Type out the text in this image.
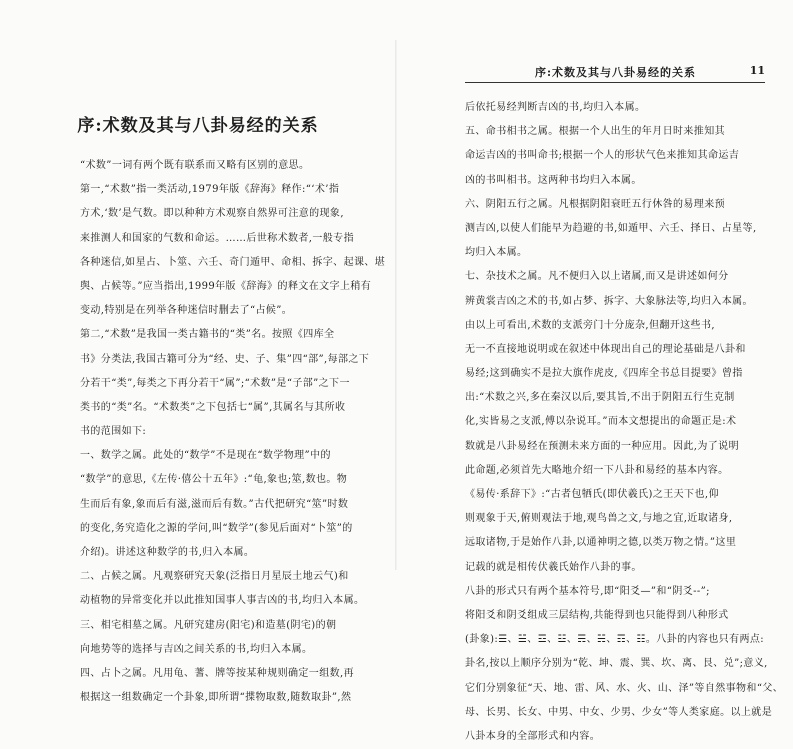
序:术数及其与八卦易经的关系
“术数”一词有两个既有联系而又略有区别的意思。
第一,“术数”指一类活动,1979年版《辞海》释作:“‘术’指
方术,‘数’是气数。即以种种方术观察自然界可注意的现象,
来推测人和国家的气数和命运。……后世称术数者,一般专指
各种迷信,如星占、卜筮、六壬、奇门遁甲、命相、拆字、起课、堪
舆、占候等。”应当指出,1999年版《辞海》的释文在文字上稍有
变动,特别是在列举各种迷信时删去了“占候”。
第二,“术数”是我国一类古籍书的“类”名。按照《四库全
书》分类法,我国古籍可分为“经、史、子、集”四“部”,每部之下
分若干“类”,每类之下再分若干“属”;“术数”是“子部”之下一
类书的“类”名。“术数类”之下包括七“属”,其属名与其所收
书的范围如下:
一、数学之属。此处的“数学”不是现在“数学物理”中的
“数学”的意思,《左传·僖公十五年》:“龟,象也;筮,数也。物
生而后有象,象而后有滋,滋而后有数。”古代把研究“筮”时数
的变化,务究造化之源的学问,叫“数学”(参见后面对“卜筮”的
介绍)。讲述这种数学的书,归入本属。
二、占候之属。凡观察研究天象(泛指日月星辰土地云气)和
动植物的异常变化并以此推知国事人事吉凶的书,均归入本属。
三、相宅相墓之属。凡研究建房(阳宅)和造墓(阴宅)的朝
向地势等的选择与吉凶之间关系的书,均归入本属。
四、占卜之属。凡用龟、蓍、牌等按某种规则确定一组数,再
根据这一组数确定一个卦象,即所谓“揲物取数,随数取卦”,然
序:术数及其与八卦易经的关系	11
后依托易经判断吉凶的书,均归入本属。
五、命书相书之属。根据一个人出生的年月日时来推知其
命运吉凶的书叫命书;根据一个人的形状气色来推知其命运吉
凶的书叫相书。这两种书均归入本属。
六、阴阳五行之属。凡根据阴阳衰旺五行休咎的易理来预
测吉凶,以使人们能早为趋避的书,如遁甲、六壬、择日、占星等,
均归入本属。
七、杂技术之属。凡不便归入以上诸属,而又是讲述如何分
辨黄裳吉凶之术的书,如占梦、拆字、大象脉法等,均归入本属。
由以上可看出,术数的支派旁门十分庞杂,但翻开这些书,
无一不直接地说明或在叙述中体现出自己的理论基础是八卦和
易经;这到确实不是拉大旗作虎皮,《四库全书总目提要》曾指
出:“术数之兴,多在秦汉以后,要其旨,不出于阴阳五行生克制
化,实皆易之支派,傅以杂说耳。”而本文想提出的命题正是:术
数就是八卦易经在预测未来方面的一种应用。因此,为了说明
此命题,必须首先大略地介绍一下八卦和易经的基本内容。
《易传·系辞下》:“古者包牺氏(即伏羲氏)之王天下也,仰
则观象于天,俯则观法于地,观鸟兽之文,与地之宜,近取诸身,
远取诸物,于是始作八卦,以通神明之德,以类万物之情。”这里
记载的就是相传伏羲氏始作八卦的事。
八卦的形式只有两个基本符号,即“阳爻—”和“阴爻--”;
将阳爻和阴爻组成三层结构,共能得到也只能得到八种形式
(卦象):☰、☱、☲、☳、☴、☵、☶、☷。八卦的内容也只有两点:
卦名,按以上顺序分别为“乾、坤、震、巽、坎、离、艮、兑”;意义,
它们分别象征“天、地、雷、风、水、火、山、泽”等自然事物和“父、
母、长男、长女、中男、中女、少男、少女”等人类家庭。以上就是
八卦本身的全部形式和内容。
